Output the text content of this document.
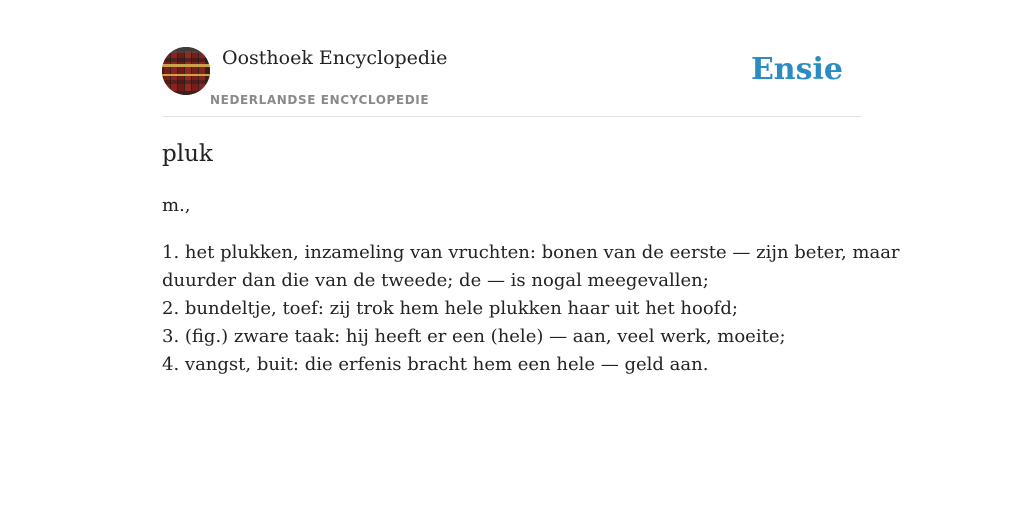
Oosthoek Encyclopedie
NEDERLANDSE ENCYCLOPEDIE
Ensie
pluk
m.,
1. het plukken, inzameling van vruchten: bonen van de eerste — zijn beter, maar
duurder dan die van de tweede; de — is nogal meegevallen;
2. bundeltje, toef: zij trok hem hele plukken haar uit het hoofd;
3. (fig.) zware taak: hij heeft er een (hele) — aan, veel werk, moeite;
4. vangst, buit: die erfenis bracht hem een hele — geld aan.
